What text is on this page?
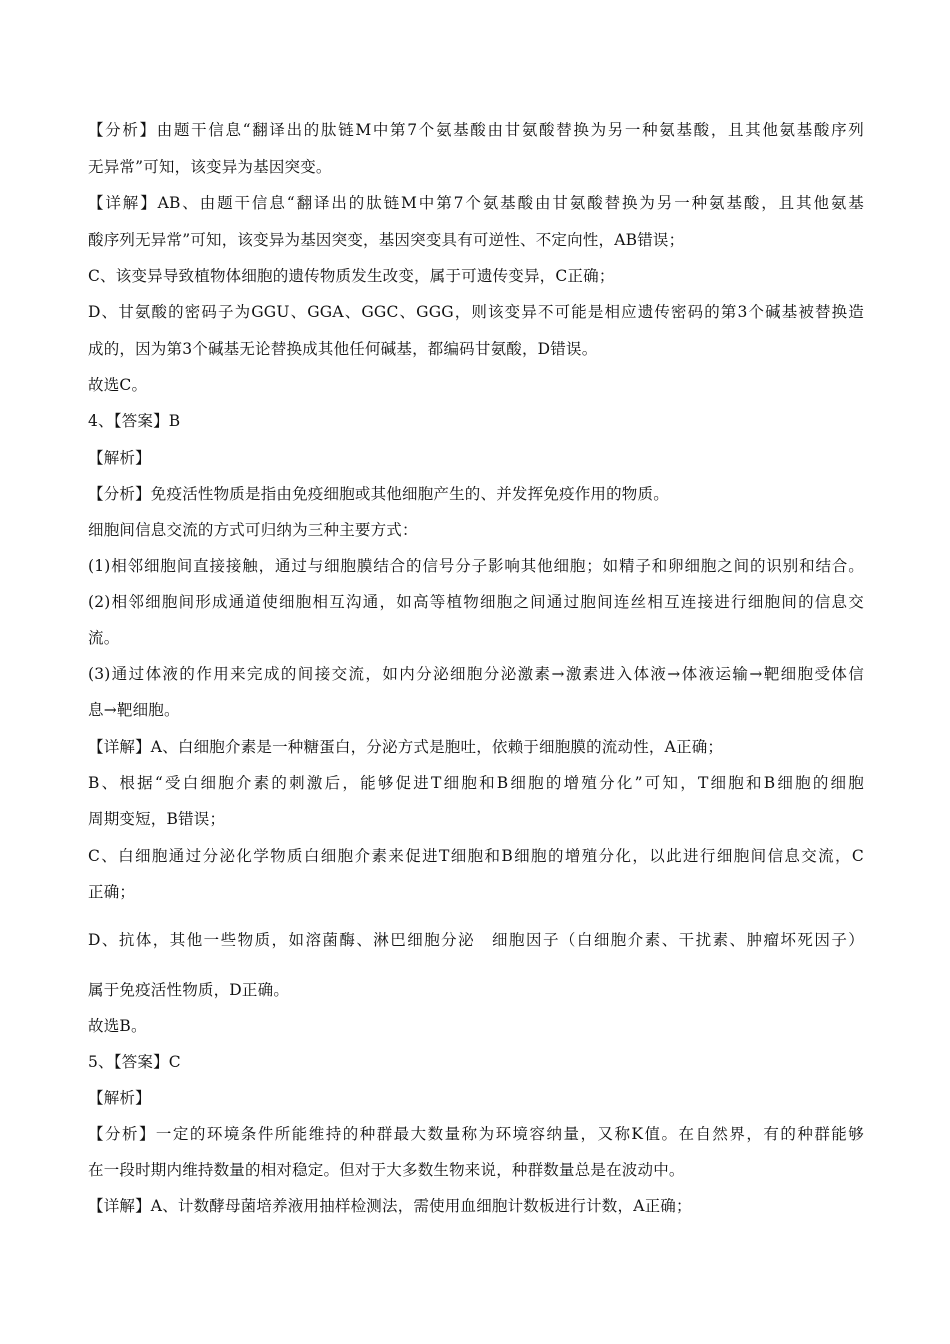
【分析】由题干信息“翻译出的肽链M中第7个氨基酸由甘氨酸替换为另一种氨基酸，且其他氨基酸序列
无异常”可知，该变异为基因突变。
【详解】AB、由题干信息“翻译出的肽链M中第7个氨基酸由甘氨酸替换为另一种氨基酸，且其他氨基
酸序列无异常”可知，该变异为基因突变，基因突变具有可逆性、不定向性，AB错误；
C、该变异导致植物体细胞的遗传物质发生改变，属于可遗传变异，C正确；
D、甘氨酸的密码子为GGU、GGA、GGC、GGG，则该变异不可能是相应遗传密码的第3个碱基被替换造
成的，因为第3个碱基无论替换成其他任何碱基，都编码甘氨酸，D错误。
故选C。
4、【答案】B
【解析】
【分析】免疫活性物质是指由免疫细胞或其他细胞产生的、并发挥免疫作用的物质。
细胞间信息交流的方式可归纳为三种主要方式：
(1)相邻细胞间直接接触，通过与细胞膜结合的信号分子影响其他细胞；如精子和卵细胞之间的识别和结合。
(2)相邻细胞间形成通道使细胞相互沟通，如高等植物细胞之间通过胞间连丝相互连接进行细胞间的信息交
流。
(3)通过体液的作用来完成的间接交流，如内分泌细胞分泌激素→激素进入体液→体液运输→靶细胞受体信
息→靶细胞。
【详解】A、白细胞介素是一种糖蛋白，分泌方式是胞吐，依赖于细胞膜的流动性，A正确；
B、根据“受白细胞介素的刺激后，能够促进T细胞和B细胞的增殖分化”可知，T细胞和B细胞的细胞
周期变短，B错误；
C、白细胞通过分泌化学物质白细胞介素来促进T细胞和B细胞的增殖分化，以此进行细胞间信息交流，C
正确；
D、抗体，其他一些物质，如溶菌酶、淋巴细胞分泌　细胞因子（白细胞介素、干扰素、肿瘤坏死因子）
属于免疫活性物质，D正确。
故选B。
5、【答案】C
【解析】
【分析】一定的环境条件所能维持的种群最大数量称为环境容纳量，又称K值。在自然界，有的种群能够
在一段时期内维持数量的相对稳定。但对于大多数生物来说，种群数量总是在波动中。
【详解】A、计数酵母菌培养液用抽样检测法，需使用血细胞计数板进行计数，A正确；
